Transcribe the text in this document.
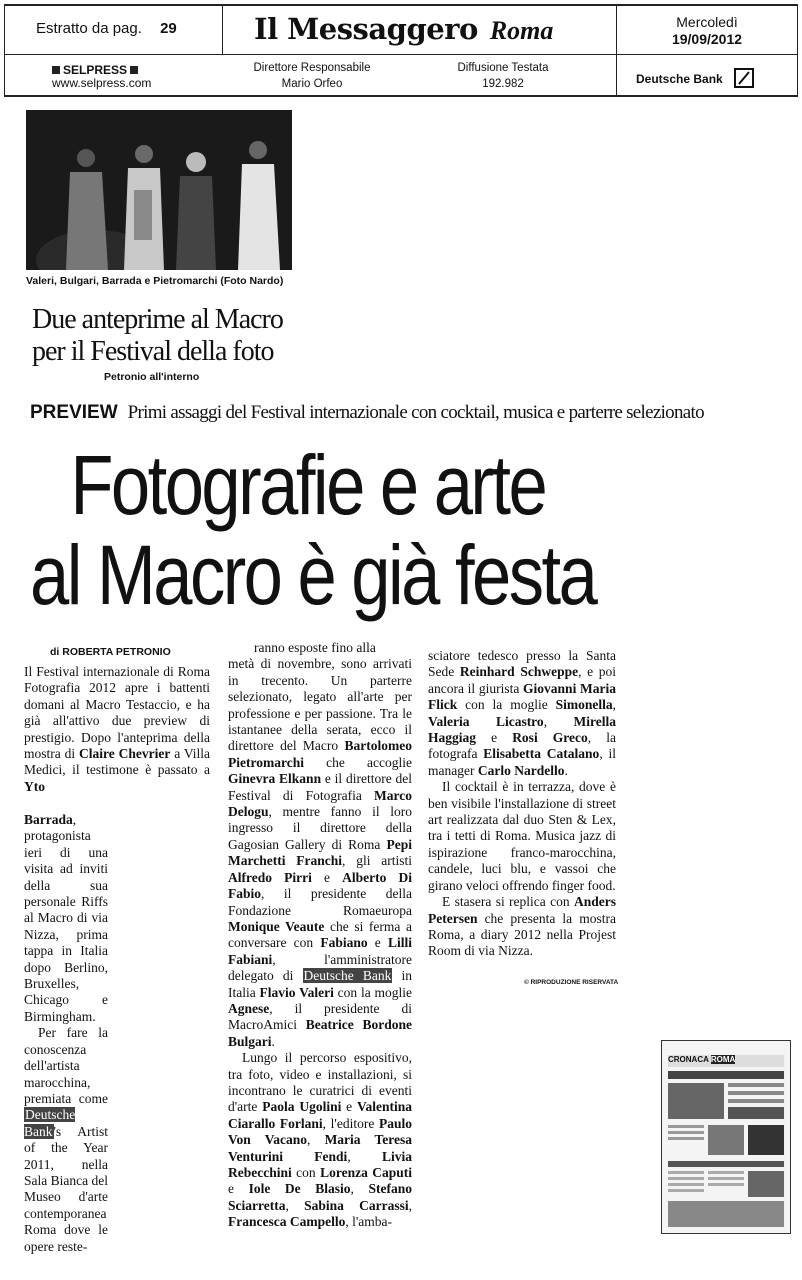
Estratto da pag. 29	Il Messaggero Roma	Mercoledì
19/09/2012
SELPRESS
www.selpress.com
Direttore Responsabile
Mario Orfeo
Diffusione Testata
192.982	Deutsche Bank
Valeri, Bulgari, Barrada e Pietromarchi (Foto Nardo)
Due anteprime al Macro
per il Festival della foto
Petronio all'interno
PREVIEW Primi assaggi del Festival internazionale con cocktail, musica e parterre selezionato
Fotografie e arte
al Macro è già festa
di ROBERTA PETRONIO

Il Festival internazionale di Roma Fotografia 2012 apre i battenti domani al Macro Testaccio, e ha già all'attivo due preview di prestigio. Dopo l'anteprima della mostra di Claire Chevrier a Villa Medici, il testimone è passato a Yto

Barrada, protagonista ieri di una visita ad inviti della sua personale Riffs al Macro di via Nizza, prima tappa in Italia dopo Berlino, Bruxelles, Chicago e Birmingham.

Per fare la conoscenza dell'artista marocchina, premiata come Deutsche Bank's Artist of the Year 2011, nella Sala Bianca del Museo d'arte contemporanea Roma dove le opere reste-

ranno esposte fino alla

metà di novembre, sono arrivati in trecento. Un parterre selezionato, legato all'arte per professione e per passione. Tra le istantanee della serata, ecco il direttore del Macro Bartolomeo Pietromarchi che accoglie Ginevra Elkann e il direttore del Festival di Fotografia Marco Delogu, mentre fanno il loro ingresso il direttore della Gagosian Gallery di Roma Pepi Marchetti Franchi, gli artisti Alfredo Pirri e Alberto Di Fabio, il presidente della Fondazione Romaeuropa Monique Veaute che si ferma a conversare con Fabiano e Lilli Fabiani, l'amministratore delegato di Deutsche Bank in Italia Flavio Valeri con la moglie Agnese, il presidente di MacroAmici Beatrice Bordone Bulgari.

Lungo il percorso espositivo, tra foto, video e installazioni, si incontrano le curatrici di eventi d'arte Paola Ugolini e Valentina Ciarallo Forlani, l'editore Paulo Von Vacano, Maria Teresa Venturini Fendi, Livia Rebecchini con Lorenza Caputi e Iole De Blasio, Stefano Sciarretta, Sabina Carrassi, Francesca Campello, l'amba-

sciatore tedesco presso la Santa Sede Reinhard Schweppe, e poi ancora il giurista Giovanni Maria Flick con la moglie Simonella, Valeria Licastro, Mirella Haggiag e Rosi Greco, la fotografa Elisabetta Catalano, il manager Carlo Nardello.

Il cocktail è in terrazza, dove è ben visibile l'installazione di street art realizzata dal duo Sten & Lex, tra i tetti di Roma. Musica jazz di ispirazione franco-marocchina, candele, luci blu, e vassoi che girano veloci offrendo finger food.

E stasera si replica con Anders Petersen che presenta la mostra Roma, a diary 2012 nella Projest Room di via Nizza.

© RIPRODUZIONE RISERVATA
CRONACA ROMA
